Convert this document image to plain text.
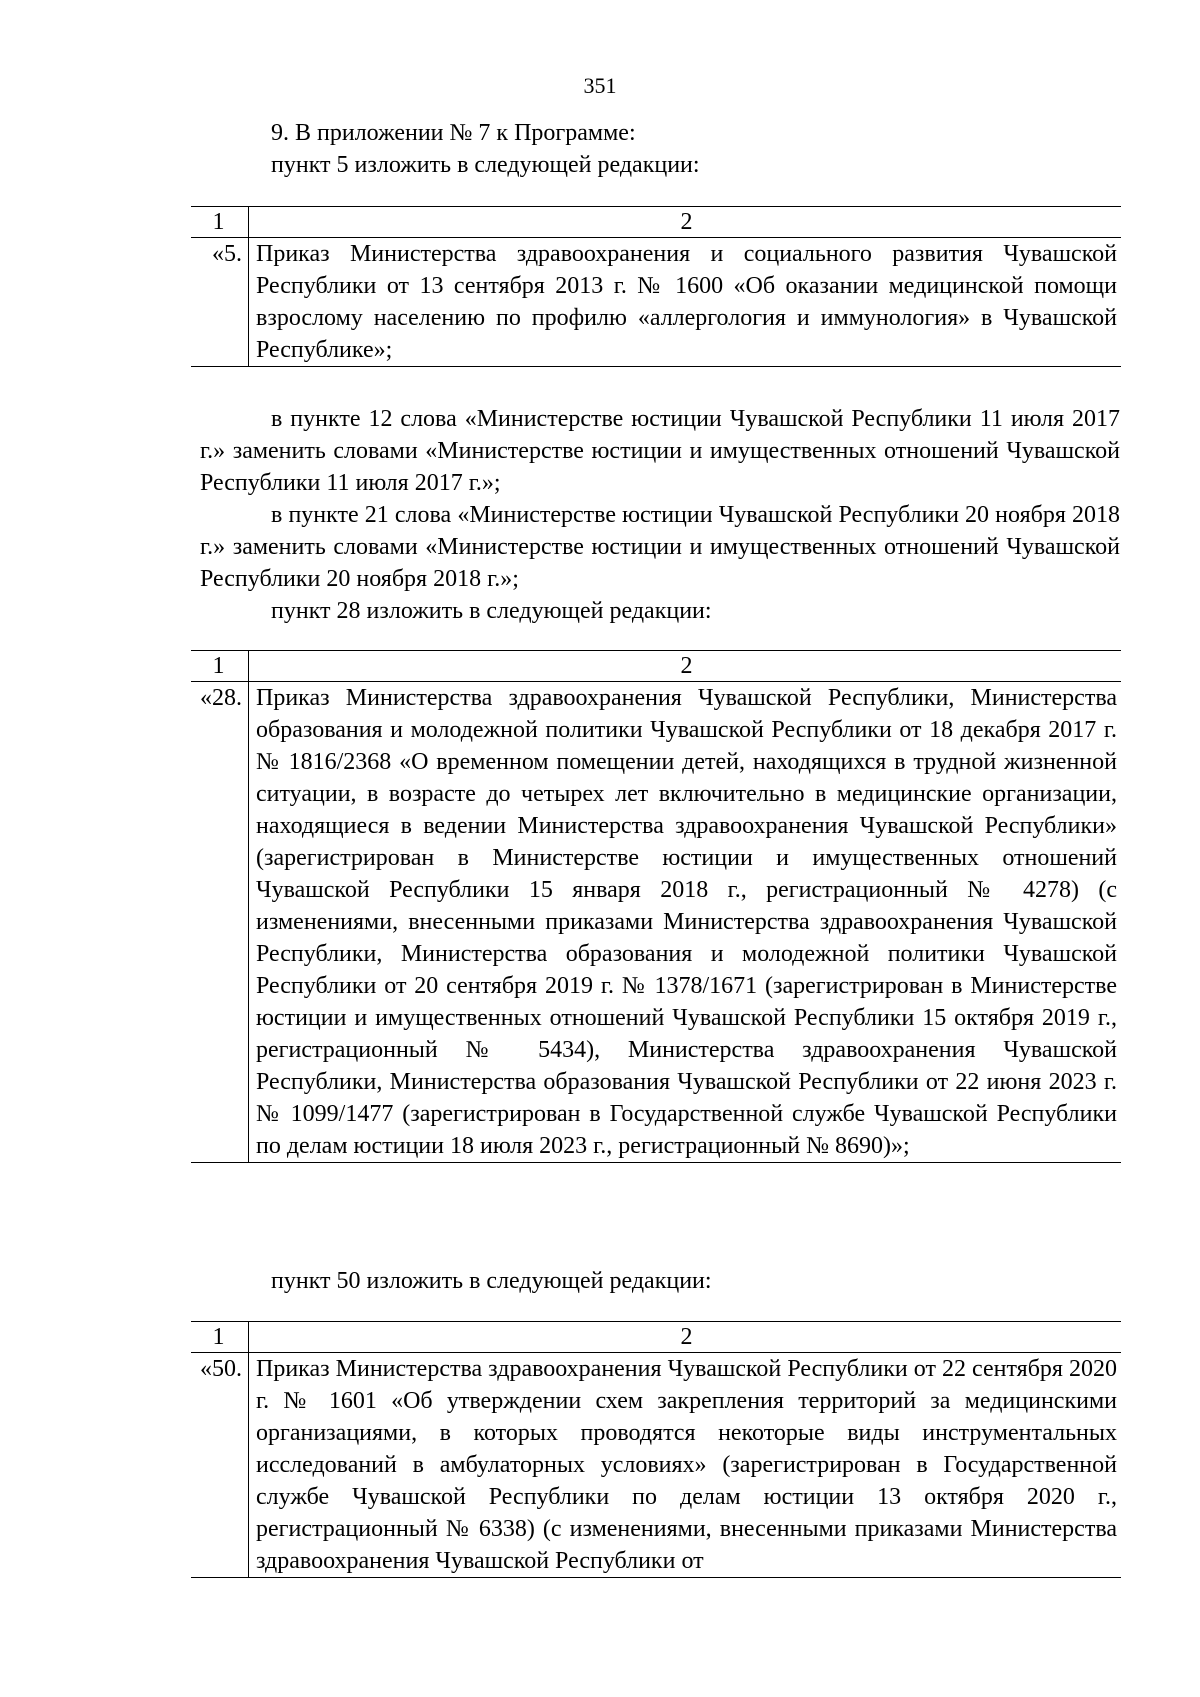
351
9. В приложении № 7 к Программе:
пункт 5 изложить в следующей редакции:
1	2
«5.	Приказ Министерства здравоохранения и социального развития Чувашской Республики от 13 сентября 2013 г. № 1600 «Об оказании медицинской помощи взрослому населению по профилю «аллергология и иммунология» в Чувашской Республике»;
в пункте 12 слова «Министерстве юстиции Чувашской Республики 11 июля 2017 г.» заменить словами «Министерстве юстиции и имущественных отношений Чувашской Республики 11 июля 2017 г.»;
в пункте 21 слова «Министерстве юстиции Чувашской Республики 20 ноября 2018 г.» заменить словами «Министерстве юстиции и имущественных отношений Чувашской Республики 20 ноября 2018 г.»;
пункт 28 изложить в следующей редакции:
1	2
«28.	Приказ Министерства здравоохранения Чувашской Республики, Министерства образования и молодежной политики Чувашской Республики от 18 декабря 2017 г. № 1816/2368 «О временном помещении детей, находящихся в трудной жизненной ситуации, в возрасте до четырех лет включительно в медицинские организации, находящиеся в ведении Министерства здравоохранения Чувашской Республики» (зарегистрирован в Министерстве юстиции и имущественных отношений Чувашской Республики 15 января 2018 г., регистрационный № 4278) (с изменениями, внесенными приказами Министерства здравоохранения Чувашской Республики, Министерства образования и молодежной политики Чувашской Республики от 20 сентября 2019 г. № 1378/1671 (зарегистрирован в Министерстве юстиции и имущественных отношений Чувашской Республики 15 октября 2019 г., регистрационный № 5434), Министерства здравоохранения Чувашской Республики, Министерства образования Чувашской Республики от 22 июня 2023 г. № 1099/1477 (зарегистрирован в Государственной службе Чувашской Республики по делам юстиции 18 июля 2023 г., регистрационный № 8690)»;
пункт 50 изложить в следующей редакции:
1	2
«50.	Приказ Министерства здравоохранения Чувашской Республики от 22 сентября 2020 г. № 1601 «Об утверждении схем закрепления территорий за медицинскими организациями, в которых проводятся некоторые виды инструментальных исследований в амбулаторных условиях» (зарегистрирован в Государственной службе Чувашской Республики по делам юстиции 13 октября 2020 г., регистрационный № 6338) (с изменениями, внесенными приказами Министерства здравоохранения Чувашской Республики от
